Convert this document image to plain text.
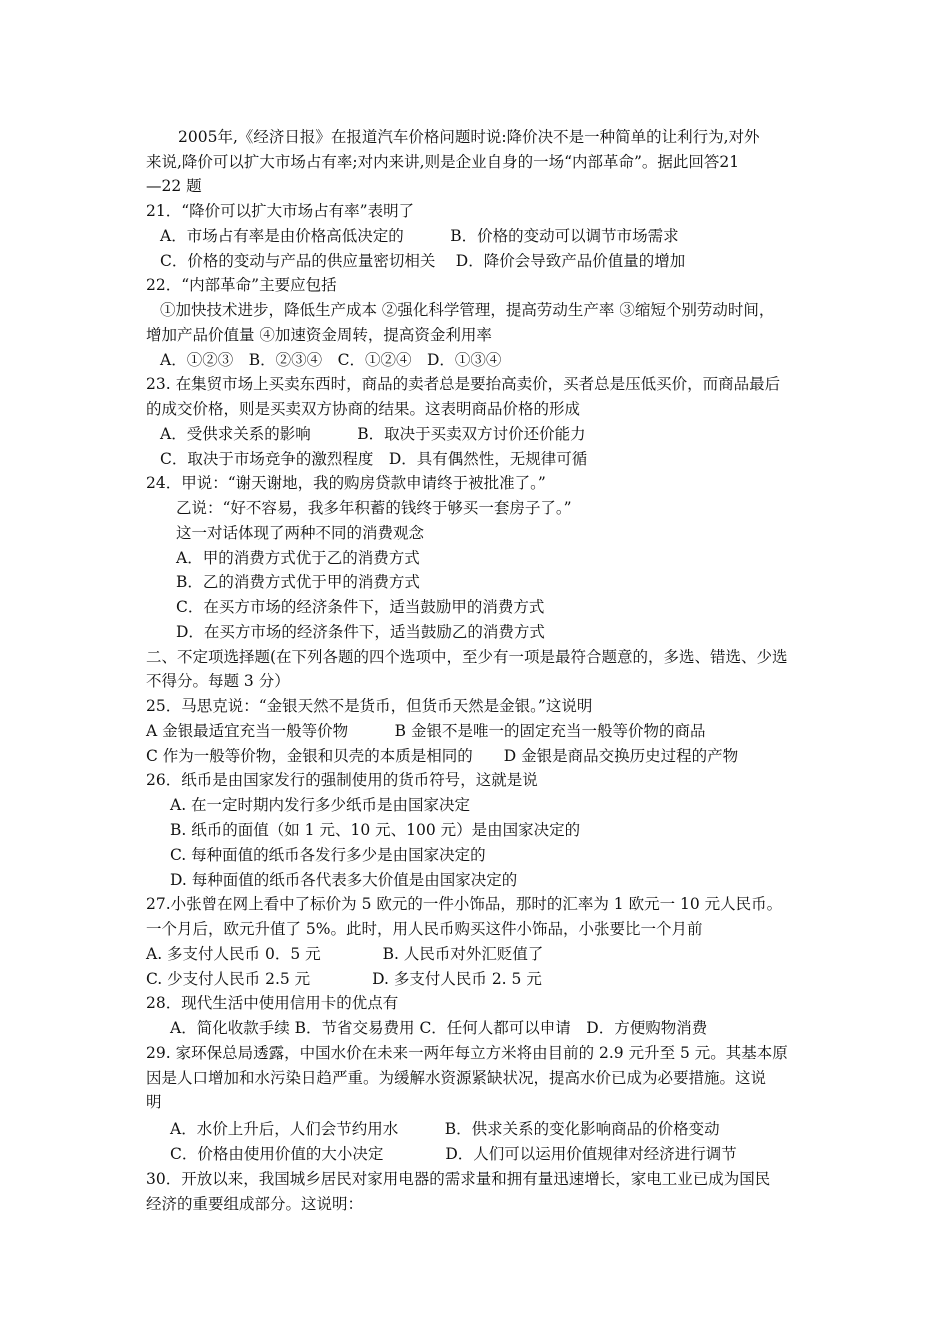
2005年,《经济日报》在报道汽车价格问题时说:降价决不是一种简单的让利行为,对外
来说,降价可以扩大市场占有率;对内来讲,则是企业自身的一场“内部革命”。据此回答21
—22 题
21．“降价可以扩大市场占有率”表明了
A．市场占有率是由价格高低决定的　　　B．价格的变动可以调节市场需求
C．价格的变动与产品的供应量密切相关　 D．降价会导致产品价值量的增加
22．“内部革命”主要应包括
①加快技术进步，降低生产成本 ②强化科学管理，提高劳动生产率 ③缩短个别劳动时间，
增加产品价值量 ④加速资金周转，提高资金利用率
A．①②③　B．②③④　C．①②④　D．①③④
23. 在集贸市场上买卖东西时，商品的卖者总是要抬高卖价，买者总是压低买价，而商品最后
的成交价格，则是买卖双方协商的结果。这表明商品价格的形成
A．受供求关系的影响　　　B．取决于买卖双方讨价还价能力
C．取决于市场竞争的激烈程度　D．具有偶然性，无规律可循
24．甲说：“谢天谢地，我的购房贷款申请终于被批准了。”
乙说：“好不容易，我多年积蓄的钱终于够买一套房子了。”
这一对话体现了两种不同的消费观念
A．甲的消费方式优于乙的消费方式
B．乙的消费方式优于甲的消费方式
C．在买方市场的经济条件下，适当鼓励甲的消费方式
D．在买方市场的经济条件下，适当鼓励乙的消费方式
二、不定项选择题(在下列各题的四个选项中，至少有一项是最符合题意的，多选、错选、少选
不得分。每题 3 分）
25．马思克说：“金银天然不是货币，但货币天然是金银。”这说明
A 金银最适宜充当一般等价物　　　B 金银不是唯一的固定充当一般等价物的商品
C 作为一般等价物，金银和贝壳的本质是相同的　　D 金银是商品交换历史过程的产物
26．纸币是由国家发行的强制使用的货币符号，这就是说
A. 在一定时期内发行多少纸币是由国家决定
B. 纸币的面值（如 1 元、10 元、100 元）是由国家决定的
C. 每种面值的纸币各发行多少是由国家决定的
D. 每种面值的纸币各代表多大价值是由国家决定的
27.小张曾在网上看中了标价为 5 欧元的一件小饰品，那时的汇率为 1 欧元一 10 元人民币。
一个月后，欧元升值了 5%。此时，用人民币购买这件小饰品，小张要比一个月前
A. 多支付人民币 0．5 元　　　　B. 人民币对外汇贬值了
C. 少支付人民币 2.5 元　　　　D. 多支付人民币 2. 5 元
28．现代生活中使用信用卡的优点有
A．简化收款手续 B．节省交易费用 C．任何人都可以申请　D．方便购物消费
29. 家环保总局透露，中国水价在未来一两年每立方米将由目前的 2.9 元升至 5 元。其基本原
因是人口增加和水污染日趋严重。为缓解水资源紧缺状况，提高水价已成为必要措施。这说
明
A．水价上升后，人们会节约用水　　　B．供求关系的变化影响商品的价格变动
C．价格由使用价值的大小决定　　　　D．人们可以运用价值规律对经济进行调节
30．开放以来，我国城乡居民对家用电器的需求量和拥有量迅速增长，家电工业已成为国民
经济的重要组成部分。这说明：
